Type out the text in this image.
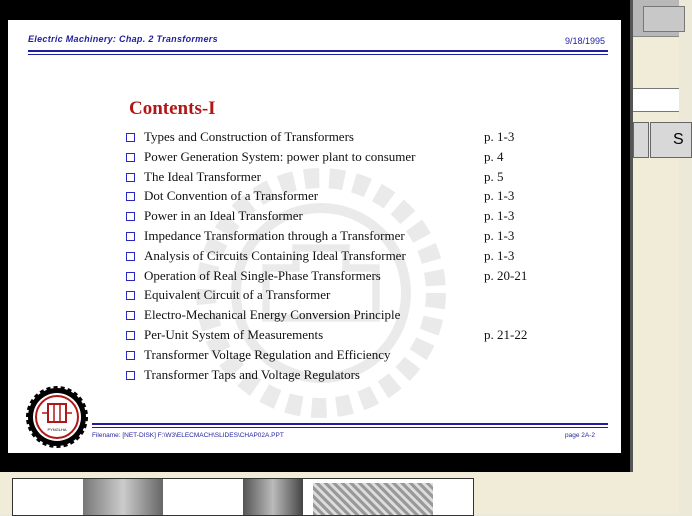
S
Electric Machinery: Chap. 2 Transformers	9/18/1995
Contents-I
Types and Construction of Transformers	p. 1-3
Power Generation System: power plant to consumer	p. 4
The Ideal Transformer	p. 5
Dot Convention of a Transformer	p. 1-3
Power in an Ideal Transformer	p. 1-3
Impedance Transformation through a Transformer	p. 1-3
Analysis of Circuits Containing Ideal Transformer	p. 1-3
Operation of Real Single-Phase Transformers	p. 20-21
Equivalent Circuit of a Transformer
Electro-Mechanical Energy Conversion Principle
Per-Unit System of Measurements	p. 21-22
Transformer Voltage Regulation and Efficiency
Transformer Taps and Voltage Regulators
PYNGLHA
Filename: [NET-DISK] F:\W3\ELECMACH\SLIDES\CHAP02A.PPT	page 2A-2
